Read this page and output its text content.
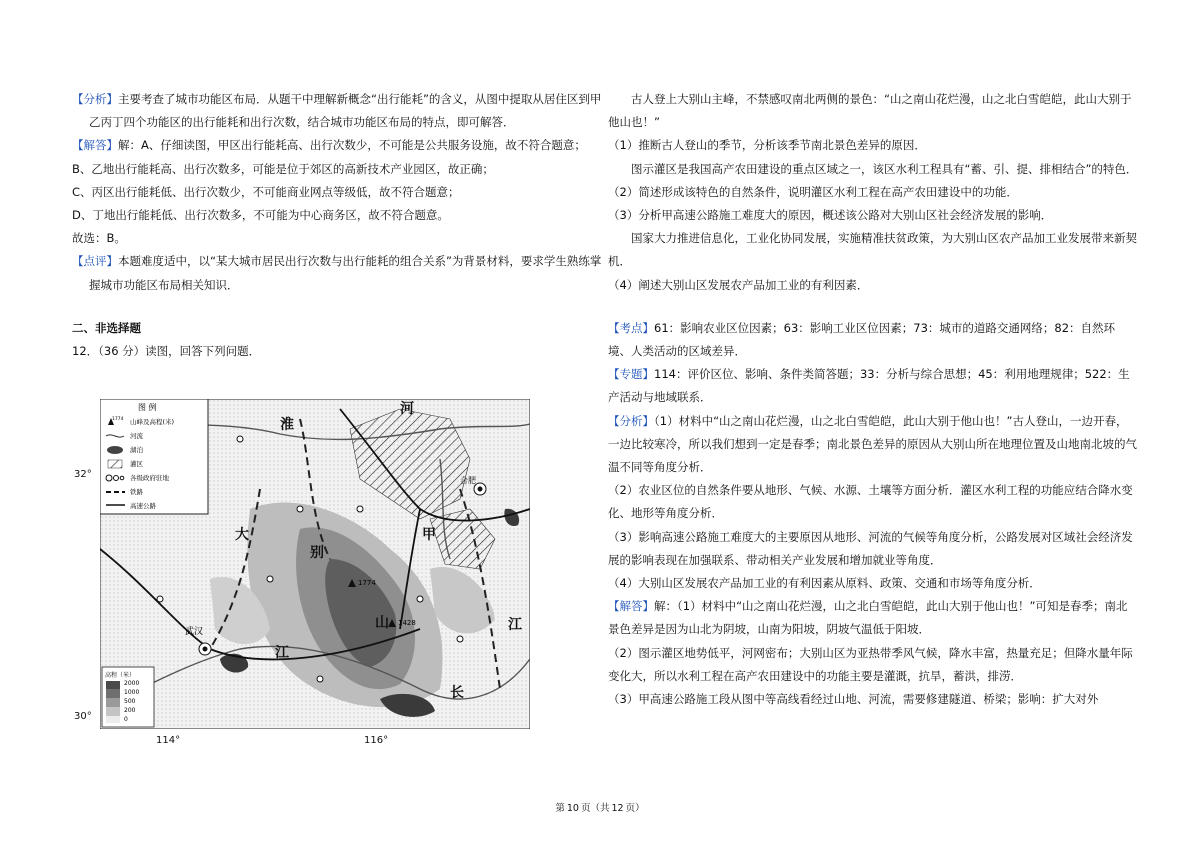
【分析】主要考查了城市功能区布局．从题干中理解新概念“出行能耗”的含义，从图中提取从居住区到甲乙丙丁四个功能区的出行能耗和出行次数，结合城市功能区布局的特点，即可解答．

【解答】解：A、仔细读图，甲区出行能耗高、出行次数少，不可能是公共服务设施，故不符合题意；

B、乙地出行能耗高、出行次数多，可能是位于郊区的高新技术产业园区，故正确；

C、丙区出行能耗低、出行次数少，不可能商业网点等级低，故不符合题意；

D、丁地出行能耗低、出行次数多，不可能为中心商务区，故不符合题意。

故选：B。

【点评】本题难度适中，以“某大城市居民出行次数与出行能耗的组合关系”为背景材料，要求学生熟练掌握城市功能区布局相关知识．

二、非选择题

12．（36 分）读图，回答下列问题．

1774
1428
淮
河
大
别
山
甲
江
江
长
武汉
合肥
图 例
1774 山峰及高程(米)
河流
湖泊
灌区
各级政府驻地
铁路
高速公路
高程（米）
2000
1000
500
200
0
32°
30°
114°	116°

古人登上大别山主峰，不禁感叹南北两侧的景色：“山之南山花烂漫，山之北白雪皑皑，此山大别于他山也！”

（1）推断古人登山的季节，分析该季节南北景色差异的原因．

图示灌区是我国高产农田建设的重点区域之一，该区水利工程具有“蓄、引、提、排相结合”的特色．

（2）简述形成该特色的自然条件，说明灌区水利工程在高产农田建设中的功能．

（3）分析甲高速公路施工难度大的原因，概述该公路对大别山区社会经济发展的影响．

国家大力推进信息化，工业化协同发展，实施精准扶贫政策，为大别山区农产品加工业发展带来新契机．

（4）阐述大别山区发展农产品加工业的有利因素．

【考点】61：影响农业区位因素；63：影响工业区位因素；73：城市的道路交通网络；82：自然环境、人类活动的区域差异．

【专题】114：评价区位、影响、条件类简答题；33：分析与综合思想；45：利用地理规律；522：生产活动与地域联系．

【分析】（1）材料中“山之南山花烂漫，山之北白雪皑皑，此山大别于他山也！”古人登山，一边开春，一边比较寒冷，所以我们想到一定是春季；南北景色差异的原因从大别山所在地理位置及山地南北坡的气温不同等角度分析．

（2）农业区位的自然条件要从地形、气候、水源、土壤等方面分析．灌区水利工程的功能应结合降水变化、地形等角度分析．

（3）影响高速公路施工难度大的主要原因从地形、河流的气候等角度分析，公路发展对区域社会经济发展的影响表现在加强联系、带动相关产业发展和增加就业等角度．

（4）大别山区发展农产品加工业的有利因素从原料、政策、交通和市场等角度分析．

【解答】解：（1）材料中“山之南山花烂漫，山之北白雪皑皑，此山大别于他山也！”可知是春季；南北景色差异是因为山北为阴坡，山南为阳坡，阴坡气温低于阳坡．

（2）图示灌区地势低平，河网密布；大别山区为亚热带季风气候，降水丰富，热量充足；但降水量年际变化大，所以水利工程在高产农田建设中的功能主要是灌溉，抗旱，蓄洪，排涝．

（3）甲高速公路施工段从图中等高线看经过山地、河流，需要修建隧道、桥梁；影响：扩大对外

第 10 页（共 12 页）
